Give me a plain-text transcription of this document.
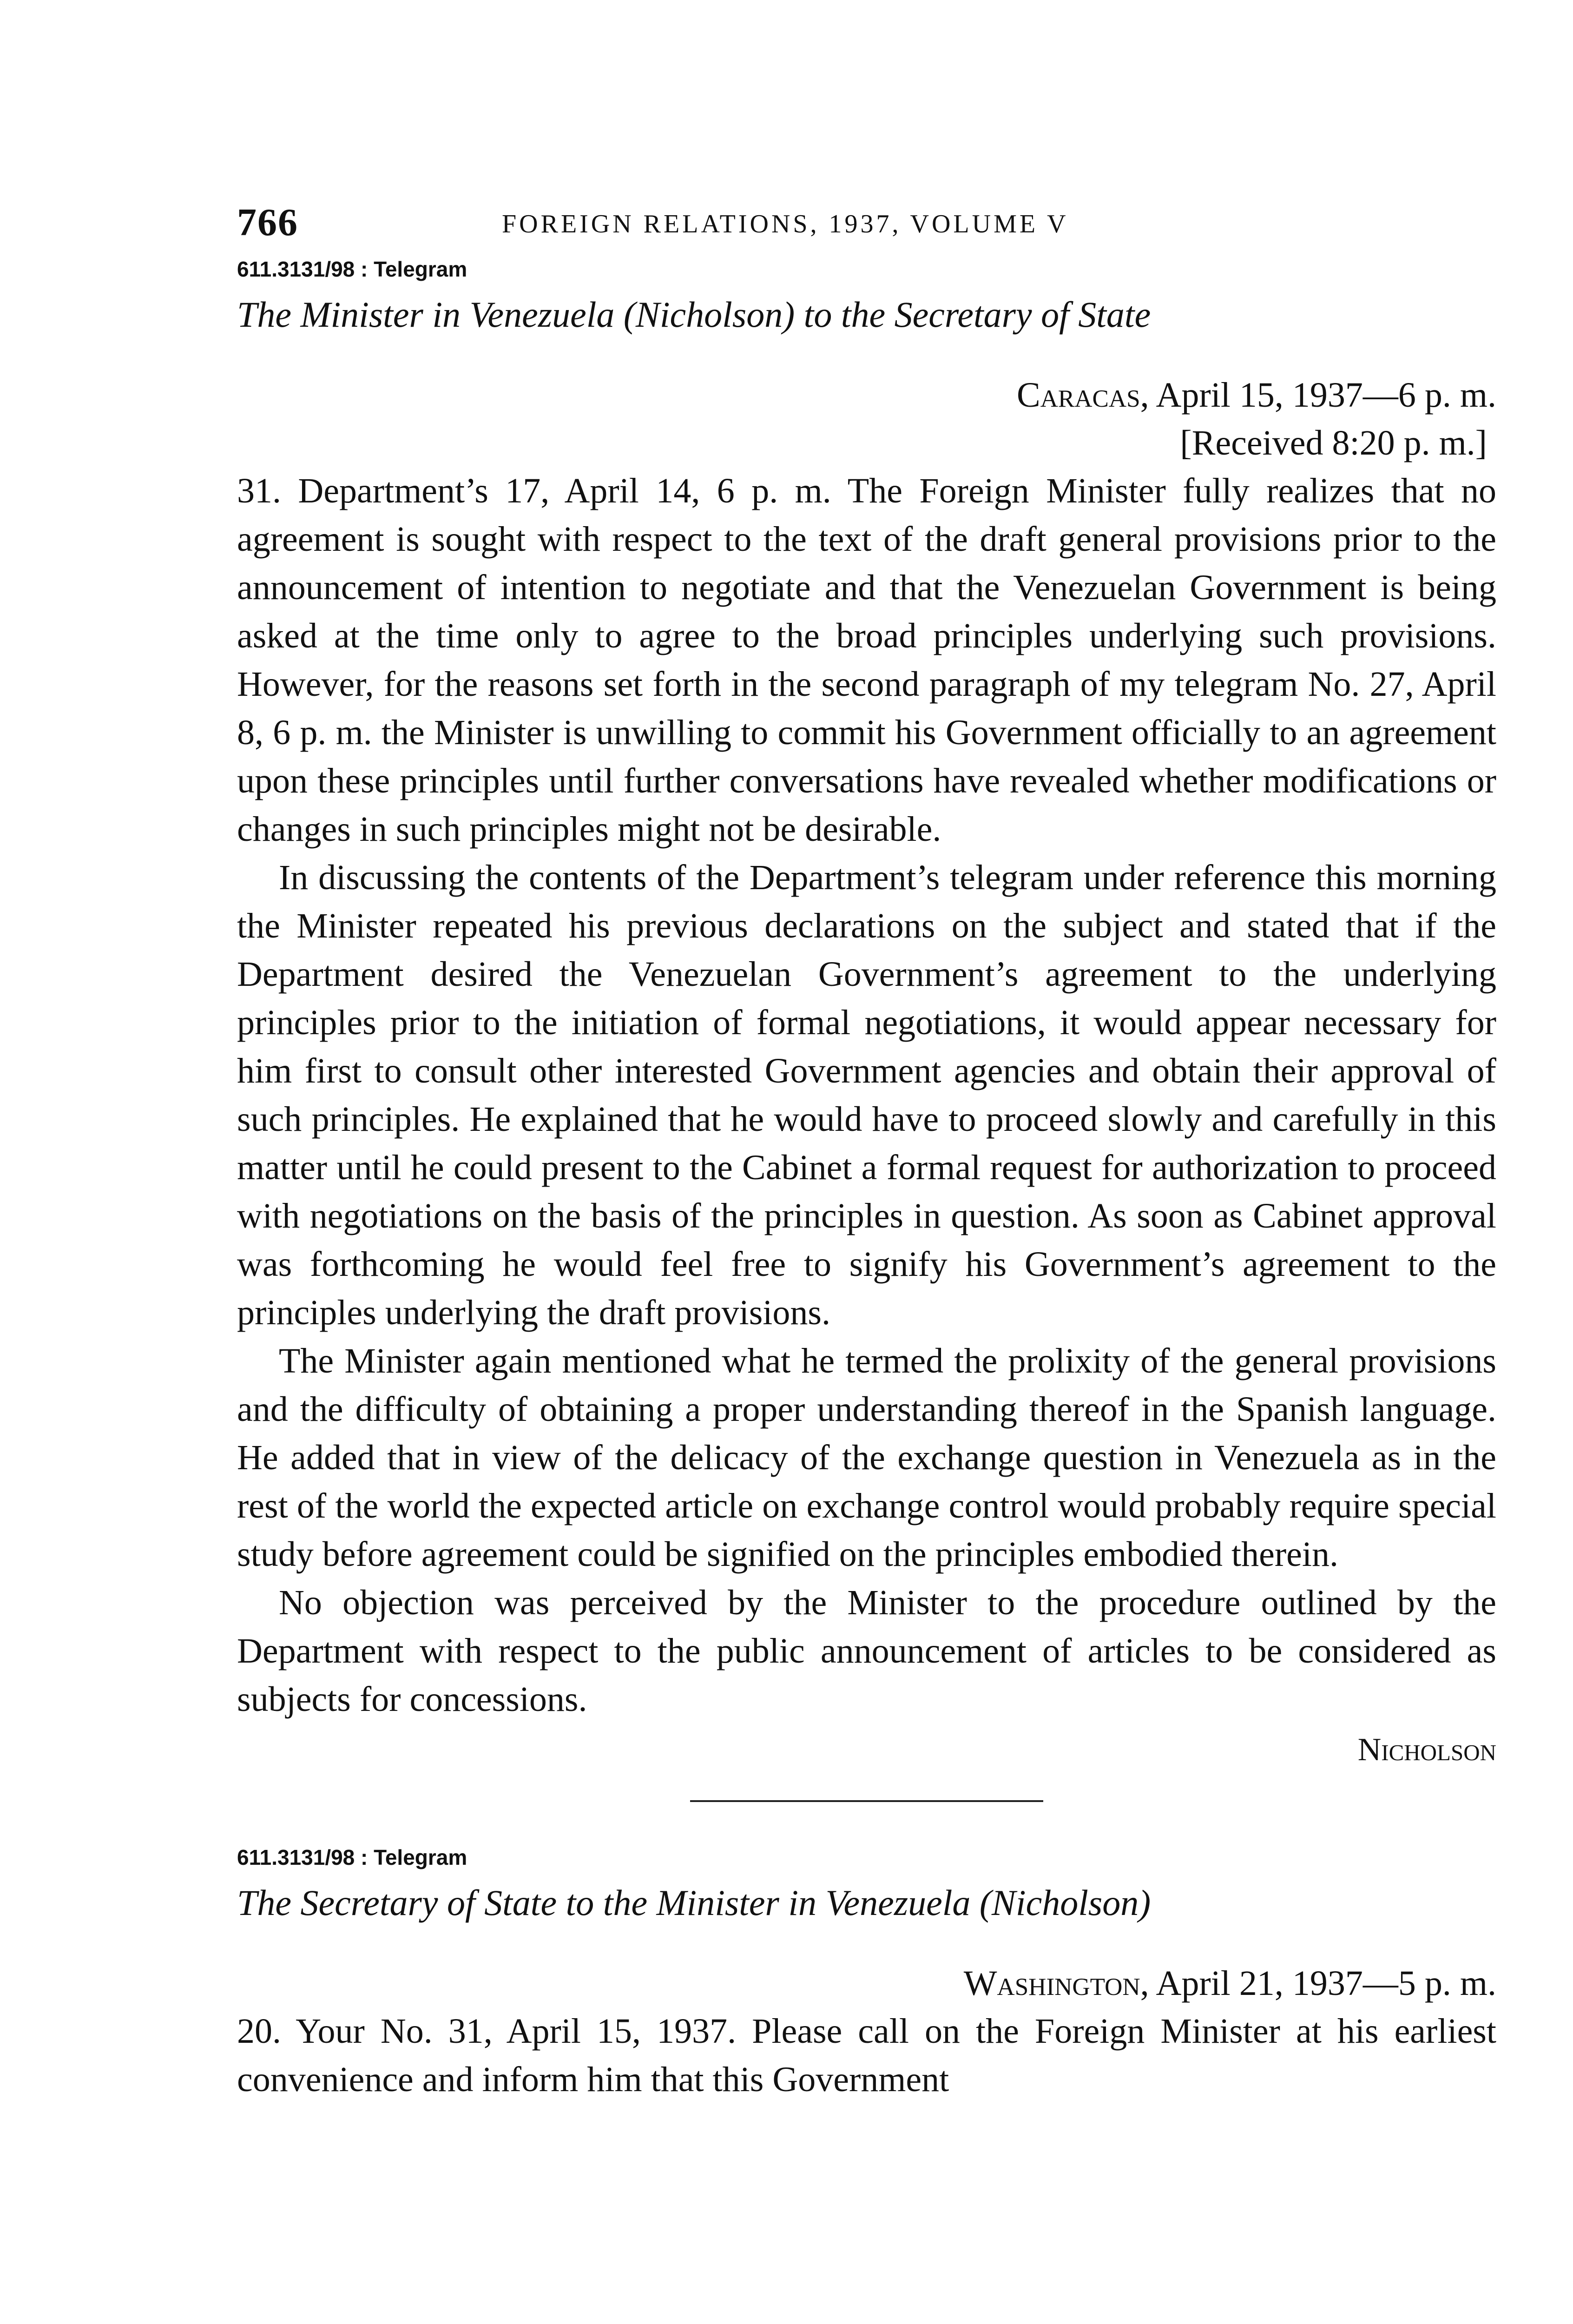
766	FOREIGN RELATIONS, 1937, VOLUME V

611.3131/98 : Telegram

The Minister in Venezuela (Nicholson) to the Secretary of State

Caracas, April 15, 1937—6 p. m.

[Received 8:20 p. m.]

31. Department’s 17, April 14, 6 p. m. The Foreign Minister fully realizes that no agreement is sought with respect to the text of the draft general provisions prior to the announcement of intention to negotiate and that the Venezuelan Government is being asked at the time only to agree to the broad principles underlying such provisions. However, for the reasons set forth in the second paragraph of my telegram No. 27, April 8, 6 p. m. the Minister is unwilling to commit his Government officially to an agreement upon these principles until further conversations have revealed whether modifications or changes in such principles might not be desirable.

In discussing the contents of the Department’s telegram under reference this morning the Minister repeated his previous declarations on the subject and stated that if the Department desired the Venezuelan Government’s agreement to the underlying principles prior to the initiation of formal negotiations, it would appear necessary for him first to consult other interested Government agencies and obtain their approval of such principles. He explained that he would have to proceed slowly and carefully in this matter until he could present to the Cabinet a formal request for authorization to proceed with negotiations on the basis of the principles in question. As soon as Cabinet approval was forthcoming he would feel free to signify his Government’s agreement to the principles underlying the draft provisions.

The Minister again mentioned what he termed the prolixity of the general provisions and the difficulty of obtaining a proper understanding thereof in the Spanish language. He added that in view of the delicacy of the exchange question in Venezuela as in the rest of the world the expected article on exchange control would probably require special study before agreement could be signified on the principles embodied therein.

No objection was perceived by the Minister to the procedure outlined by the Department with respect to the public announcement of articles to be considered as subjects for concessions.

Nicholson

611.3131/98 : Telegram

The Secretary of State to the Minister in Venezuela (Nicholson)

Washington, April 21, 1937—5 p. m.

20. Your No. 31, April 15, 1937. Please call on the Foreign Minister at his earliest convenience and inform him that this Government
